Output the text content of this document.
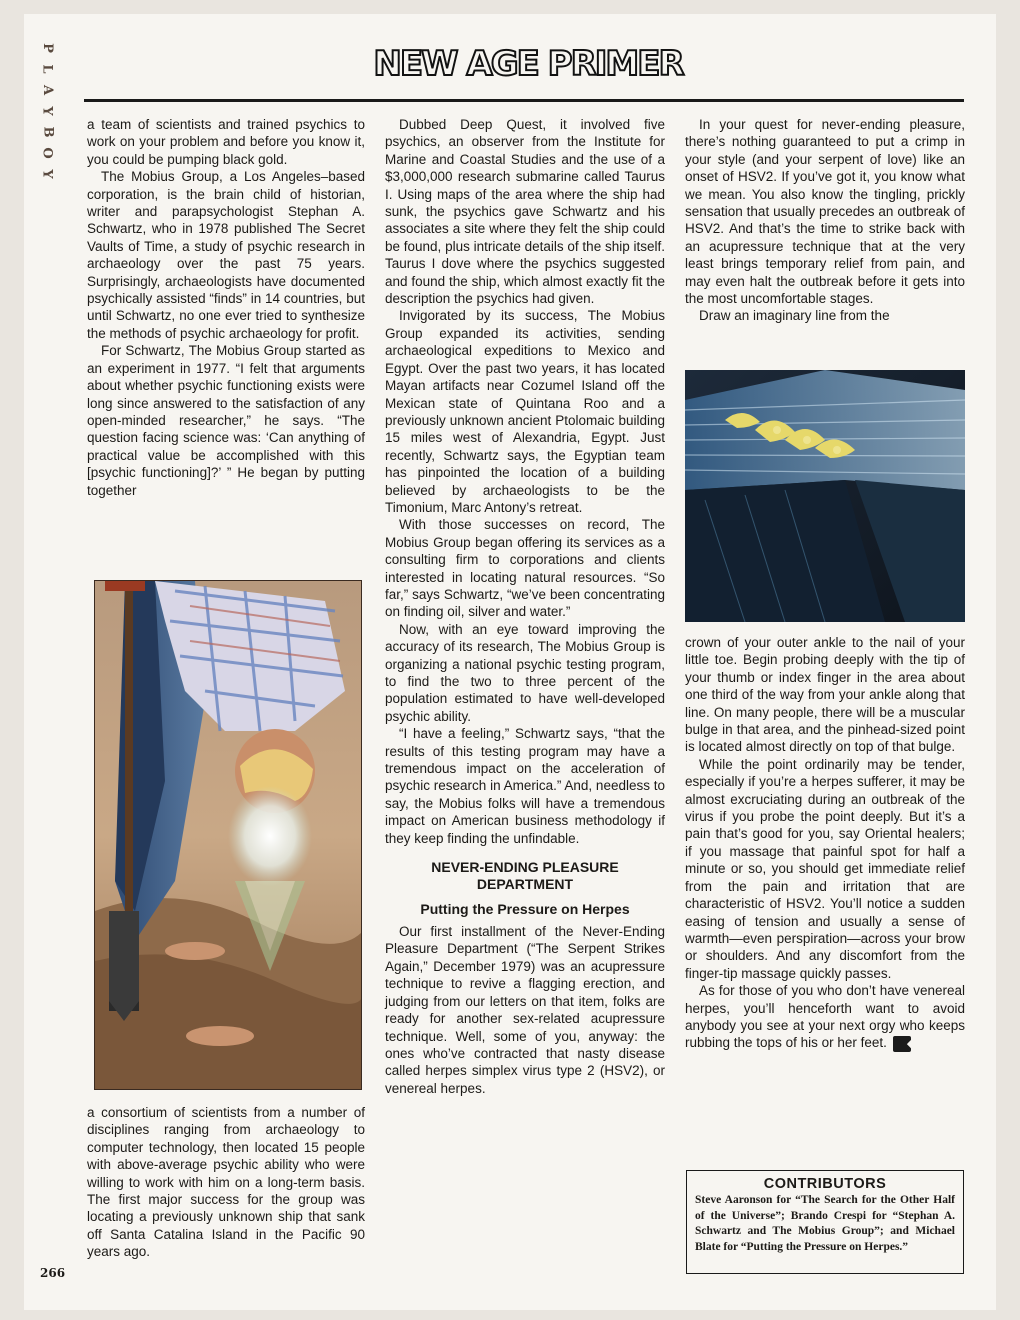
P
L
A
Y
B
O
Y
NEW AGE PRIMER

a team of scientists and trained psychics to work on your problem and before you know it, you could be pumping black gold.

The Mobius Group, a Los Angeles–based corporation, is the brain child of historian, writer and parapsychologist Stephan A. Schwartz, who in 1978 published The Secret Vaults of Time, a study of psychic research in archaeology over the past 75 years. Surprisingly, archaeologists have documented psychically assisted “finds” in 14 countries, but until Schwartz, no one ever tried to synthesize the methods of psychic archaeology for profit.

For Schwartz, The Mobius Group started as an experiment in 1977. “I felt that arguments about whether psychic functioning exists were long since answered to the satisfaction of any open-minded researcher,” he says. “The question facing science was: ‘Can anything of practical value be accomplished with this [psychic functioning]?’ ” He began by putting together

a consortium of scientists from a number of disciplines ranging from archaeology to computer technology, then located 15 people with above-average psychic ability who were willing to work with him on a long-term basis. The first major success for the group was locating a previously unknown ship that sank off Santa Catalina Island in the Pacific 90 years ago.

Dubbed Deep Quest, it involved five psychics, an observer from the Institute for Marine and Coastal Studies and the use of a $3,000,000 research submarine called Taurus I. Using maps of the area where the ship had sunk, the psychics gave Schwartz and his associates a site where they felt the ship could be found, plus intricate details of the ship itself. Taurus I dove where the psychics suggested and found the ship, which almost exactly fit the description the psychics had given.

Invigorated by its success, The Mobius Group expanded its activities, sending archaeological expeditions to Mexico and Egypt. Over the past two years, it has located Mayan artifacts near Cozumel Island off the Mexican state of Quintana Roo and a previously unknown ancient Ptolomaic building 15 miles west of Alexandria, Egypt. Just recently, Schwartz says, the Egyptian team has pinpointed the location of a building believed by archaeologists to be the Timonium, Marc Antony’s retreat.

With those successes on record, The Mobius Group began offering its services as a consulting firm to corporations and clients interested in locating natural resources. “So far,” says Schwartz, “we’ve been concentrating on finding oil, silver and water.”

Now, with an eye toward improving the accuracy of its research, The Mobius Group is organizing a national psychic testing program, to find the two to three percent of the population estimated to have well-developed psychic ability.

“I have a feeling,” Schwartz says, “that the results of this testing program may have a tremendous impact on the acceleration of psychic research in America.” And, needless to say, the Mobius folks will have a tremendous impact on American business methodology if they keep finding the unfindable.

NEVER-ENDING PLEASURE DEPARTMENT
Putting the Pressure on Herpes

Our first installment of the Never-Ending Pleasure Department (“The Serpent Strikes Again,” December 1979) was an acupressure technique to revive a flagging erection, and judging from our letters on that item, folks are ready for another sex-related acupressure technique. Well, some of you, anyway: the ones who’ve contracted that nasty disease called herpes simplex virus type 2 (HSV2), or venereal herpes.

In your quest for never-ending pleasure, there’s nothing guaranteed to put a crimp in your style (and your serpent of love) like an onset of HSV2. If you’ve got it, you know what we mean. You also know the tingling, prickly sensation that usually precedes an outbreak of HSV2. And that’s the time to strike back with an acupressure technique that at the very least brings temporary relief from pain, and may even halt the outbreak before it gets into the most uncomfortable stages.

Draw an imaginary line from the

crown of your outer ankle to the nail of your little toe. Begin probing deeply with the tip of your thumb or index finger in the area about one third of the way from your ankle along that line. On many people, there will be a muscular bulge in that area, and the pinhead-sized point is located almost directly on top of that bulge.

While the point ordinarily may be tender, especially if you’re a herpes sufferer, it may be almost excruciating during an outbreak of the virus if you probe the point deeply. But it’s a pain that’s good for you, say Oriental healers; if you massage that painful spot for half a minute or so, you should get immediate relief from the pain and irritation that are characteristic of HSV2. You’ll notice a sudden easing of tension and usually a sense of warmth—even perspiration—across your brow or shoulders. And any discomfort from the finger-tip massage quickly passes.

As for those of you who don’t have venereal herpes, you’ll henceforth want to avoid anybody you see at your next orgy who keeps rubbing the tops of his or her feet. ◆

CONTRIBUTORS
Steve Aaronson for “The Search for the Other Half of the Universe”; Brando Crespi for “Stephan A. Schwartz and The Mobius Group”; and Michael Blate for “Putting the Pressure on Herpes.”
266
